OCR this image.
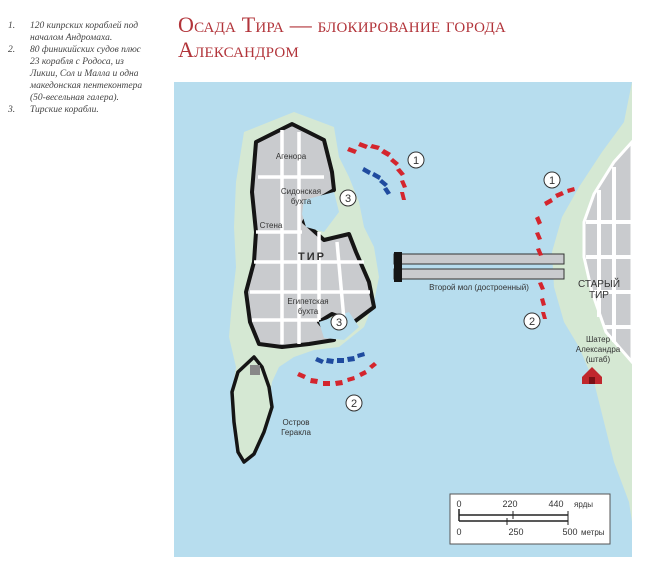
1. 120 кипрских кораблей под
началом Андромаха.
2. 80 финикийских судов плюс
23 корабля с Родоса, из
Ликии, Сол и Малла и одна
македонская пентеконтера
(50-весельная галера).
3. Тирские корабли.
Осада Тира — блокирование города
Александром
1
3
3
2
1
2
Агенора
Сидонская
бухта
Стена
ТИР
Египетская
бухта
Остров
Геракла
Второй мол (достроенный)	СТАРЫЙ
ТИР
Шатер
Александра
(штаб)
0	220	440 ярды
0	250	500 метры
